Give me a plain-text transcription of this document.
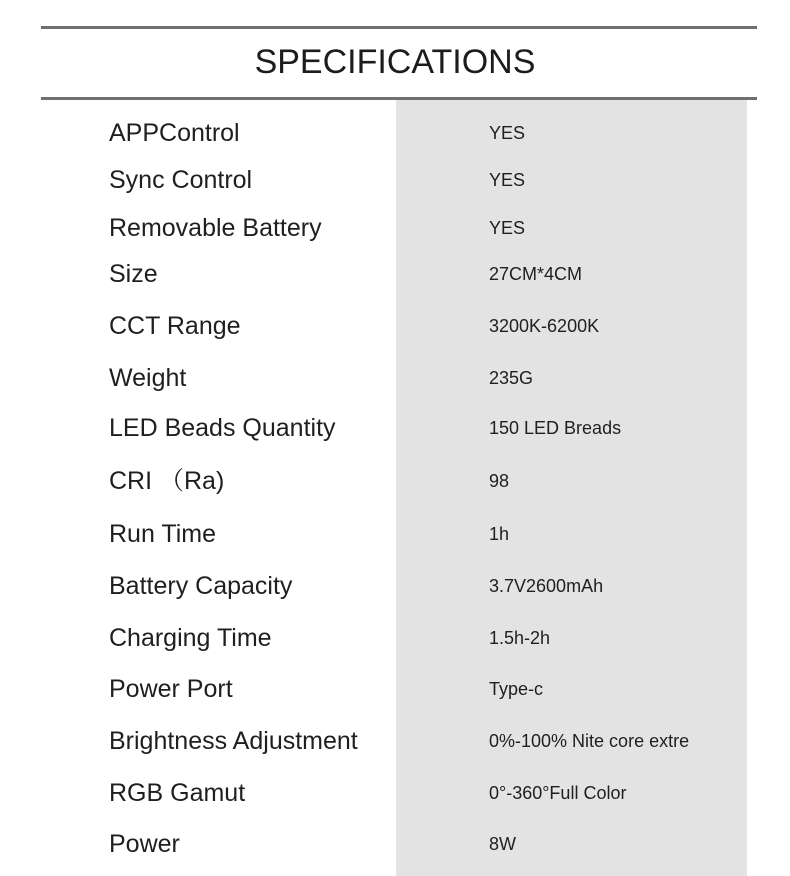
SPECIFICATIONS
APPControl	YES
Sync Control	YES
Removable Battery	YES
Size	27CM*4CM
CCT Range	3200K-6200K
Weight	235G
LED Beads Quantity	150 LED Breads
CRI （Ra)	98
Run Time	1h
Battery Capacity	3.7V2600mAh
Charging Time	1.5h-2h
Power Port	Type-c
Brightness Adjustment	0%-100% Nite core extre
RGB Gamut	0°-360°Full Color
Power	8W
